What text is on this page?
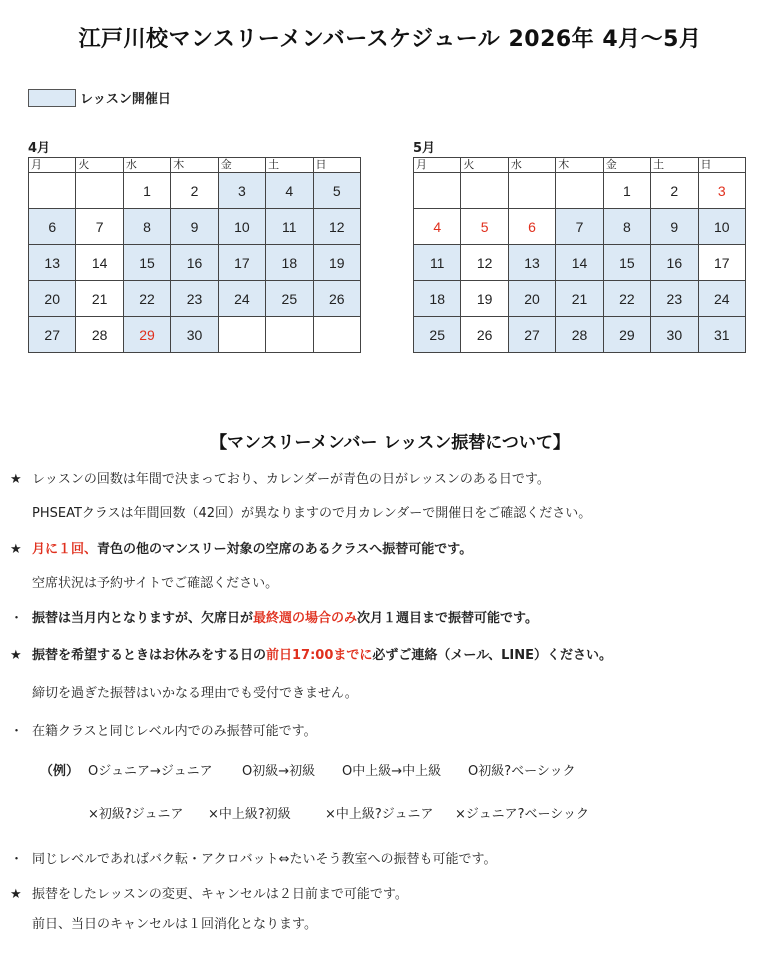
江戸川校マンスリーメンバースケジュール 2026年 4月～5月
レッスン開催日
4月
月	火	水	木	金	土	日
		1	2	3	4	5
6	7	8	9	10	11	12
13	14	15	16	17	18	19
20	21	22	23	24	25	26
27	28	29	30			
5月
月	火	水	木	金	土	日
				1	2	3
4	5	6	7	8	9	10
11	12	13	14	15	16	17
18	19	20	21	22	23	24
25	26	27	28	29	30	31
【マンスリーメンバー レッスン振替について】
★ レッスンの回数は年間で決まっており、カレンダーが青色の日がレッスンのある日です。
PHSEATクラスは年間回数（42回）が異なりますので月カレンダーで開催日をご確認ください。
★ 月に１回、青色の他のマンスリー対象の空席のあるクラスへ振替可能です。
空席状況は予約サイトでご確認ください。
・ 振替は当月内となりますが、欠席日が最終週の場合のみ次月１週目まで振替可能です。
★ 振替を希望するときはお休みをする日の前日17:00までに必ずご連絡（メール、LINE）ください。
締切を過ぎた振替はいかなる理由でも受付できません。
・ 在籍クラスと同じレベル内でのみ振替可能です。
（例） Oジュニア→ジュニア O初級→初級 O中上級→中上級 O初級?ベーシック
×初級?ジュニア ×中上級?初級	×中上級?ジュニア ×ジュニア?ベーシック
・ 同じレベルであればバク転・アクロバット⇔たいそう教室への振替も可能です。
★ 振替をしたレッスンの変更、キャンセルは２日前まで可能です。
前日、当日のキャンセルは１回消化となります。
